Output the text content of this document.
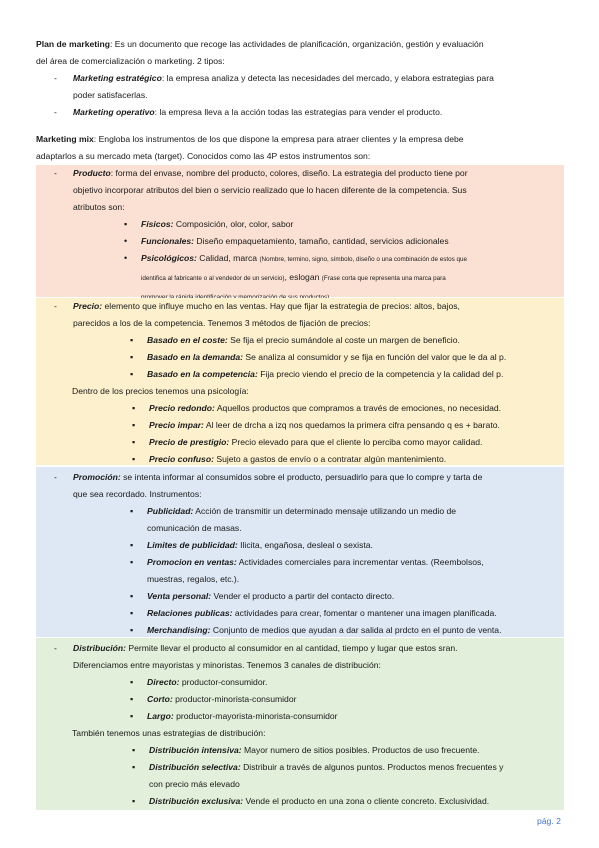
Plan de marketing: Es un documento que recoge las actividades de planificación, organización, gestión y evaluación
del área de comercialización o marketing. 2 tipos:
- Marketing estratégico: la empresa analiza y detecta las necesidades del mercado, y elabora estrategias para
poder satisfacerlas.
- Marketing operativo: la empresa lleva a la acción todas las estrategias para vender el producto.
Marketing mix: Engloba los instrumentos de los que dispone la empresa para atraer clientes y la empresa debe
adaptarlos a su mercado meta (target). Conocidos como las 4P estos instrumentos son:
- Producto: forma del envase, nombre del producto, colores, diseño. La estrategia del producto tiene por
objetivo incorporar atributos del bien o servicio realizado que lo hacen diferente de la competencia. Sus
atributos son:
▪ Físicos: Composición, olor, color, sabor
• Funcionales: Diseño empaquetamiento, tamaño, cantidad, servicios adicionales
• Psicológicos: Calidad, marca (Nombre, termino, signo, símbolo, diseño o una combinación de estos que
identifica al fabricante o al vendedor de un servicio), eslogan (Frase corta que representa una marca para
- Precio: elemento que influye mucho en las ventas. Hay que fijar la estrategia de precios: altos, bajos,
parecidos a los de la competencia. Tenemos 3 métodos de fijación de precios:
▪ Basado en el coste: Se fija el precio sumándole al coste un margen de beneficio.
▪ Basado en la demanda: Se analiza al consumidor y se fija en función del valor que le da al p.
▪ Basado en la competencia: Fija precio viendo el precio de la competencia y la calidad del p.
Dentro de los precios tenemos una psicología:
▪ Precio redondo: Aquellos productos que compramos a través de emociones, no necesidad.
▪ Precio impar: Al leer de drcha a izq nos quedamos la primera cifra pensando q es + barato.
▪ Precio de prestigio: Precio elevado para que el cliente lo perciba como mayor calidad.
▪ Precio confuso: Sujeto a gastos de envío o a contratar algún mantenimiento.
- Promoción: se intenta informar al consumidos sobre el producto, persuadirlo para que lo compre y tarta de
que sea recordado. Instrumentos:
▪ Publicidad: Acción de transmitir un determinado mensaje utilizando un medio de
comunicación de masas.
▪ Limites de publicidad: Ilicita, engañosa, desleal o sexista.
▪ Promocion en ventas: Actividades comerciales para incrementar ventas. (Reembolsos,
muestras, regalos, etc.).
▪ Venta personal: Vender el producto a partir del contacto directo.
▪ Relaciones publicas: actividades para crear, fomentar o mantener una imagen planificada.
▪ Merchandising: Conjunto de medios que ayudan a dar salida al prdcto en el punto de venta.
- Distribución: Permite llevar el producto al consumidor en al cantidad, tiempo y lugar que estos sran.
Diferenciamos entre mayoristas y minoristas. Tenemos 3 canales de distribución:
▪ Directo: productor-consumidor.
▪ Corto: productor-minorista-consumidor
▪ Largo: productor-mayorista-minorista-consumidor
También tenemos unas estrategias de distribución:
▪ Distribución intensiva: Mayor numero de sitios posibles. Productos de uso frecuente.
▪ Distribución selectiva: Distribuir a través de algunos puntos. Productos menos frecuentes y
con precio más elevado
▪ Distribución exclusiva: Vende el producto en una zona o cliente concreto. Exclusividad.
pág. 2
